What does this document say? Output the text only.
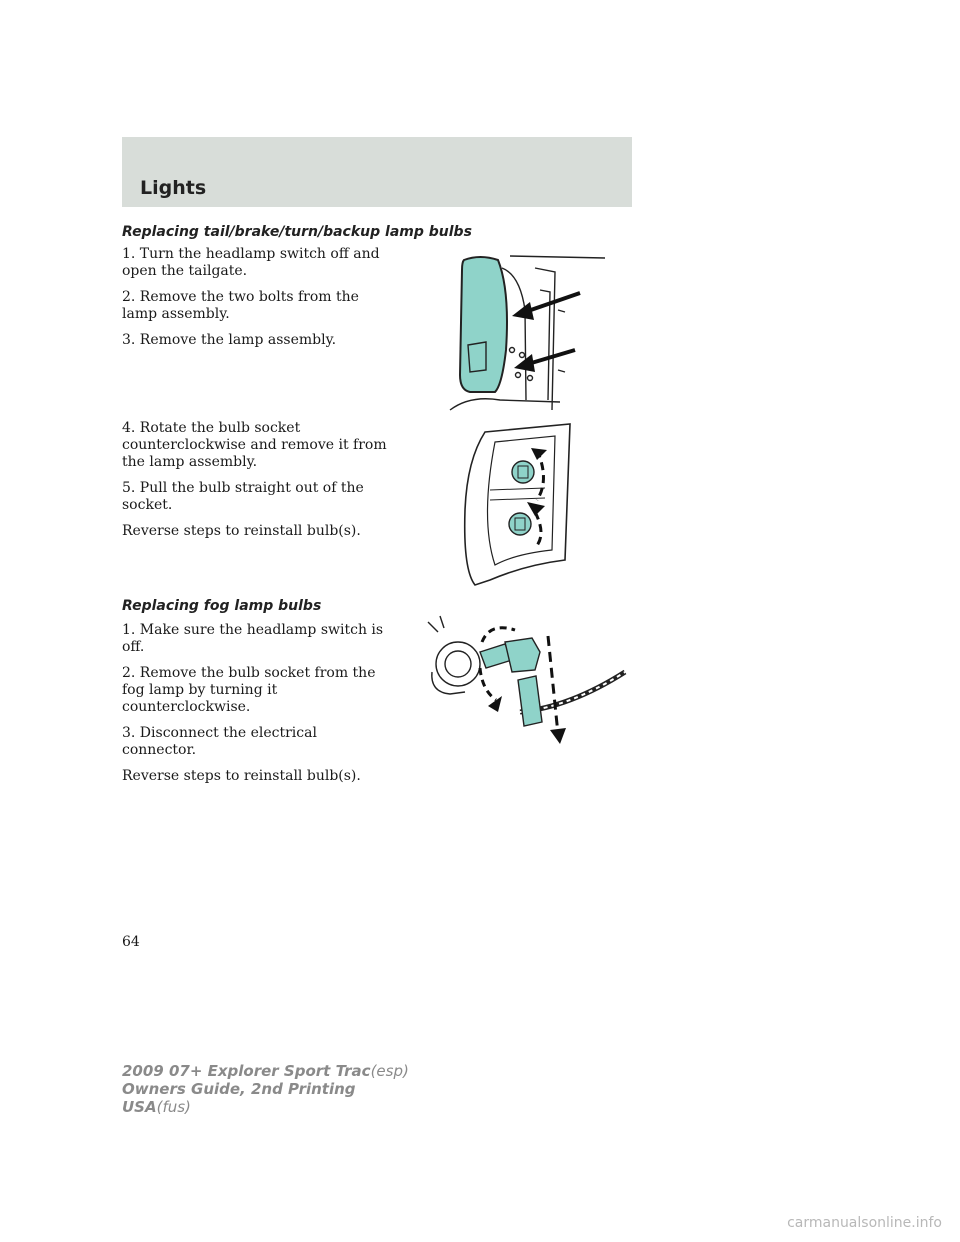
Lights
Replacing tail/brake/turn/backup lamp bulbs

1. Turn the headlamp switch off and open the tailgate.

2. Remove the two bolts from the lamp assembly.

3. Remove the lamp assembly.

4. Rotate the bulb socket counterclockwise and remove it from the lamp assembly.

5. Pull the bulb straight out of the socket.

Reverse steps to reinstall bulb(s).

Replacing fog lamp bulbs

1. Make sure the headlamp switch is off.

2. Remove the bulb socket from the fog lamp by turning it counterclockwise.

3. Disconnect the electrical connector.

Reverse steps to reinstall bulb(s).

64
2009 07+ Explorer Sport Trac(esp)
Owners Guide, 2nd Printing
USA(fus)
carmanualsonline.info
